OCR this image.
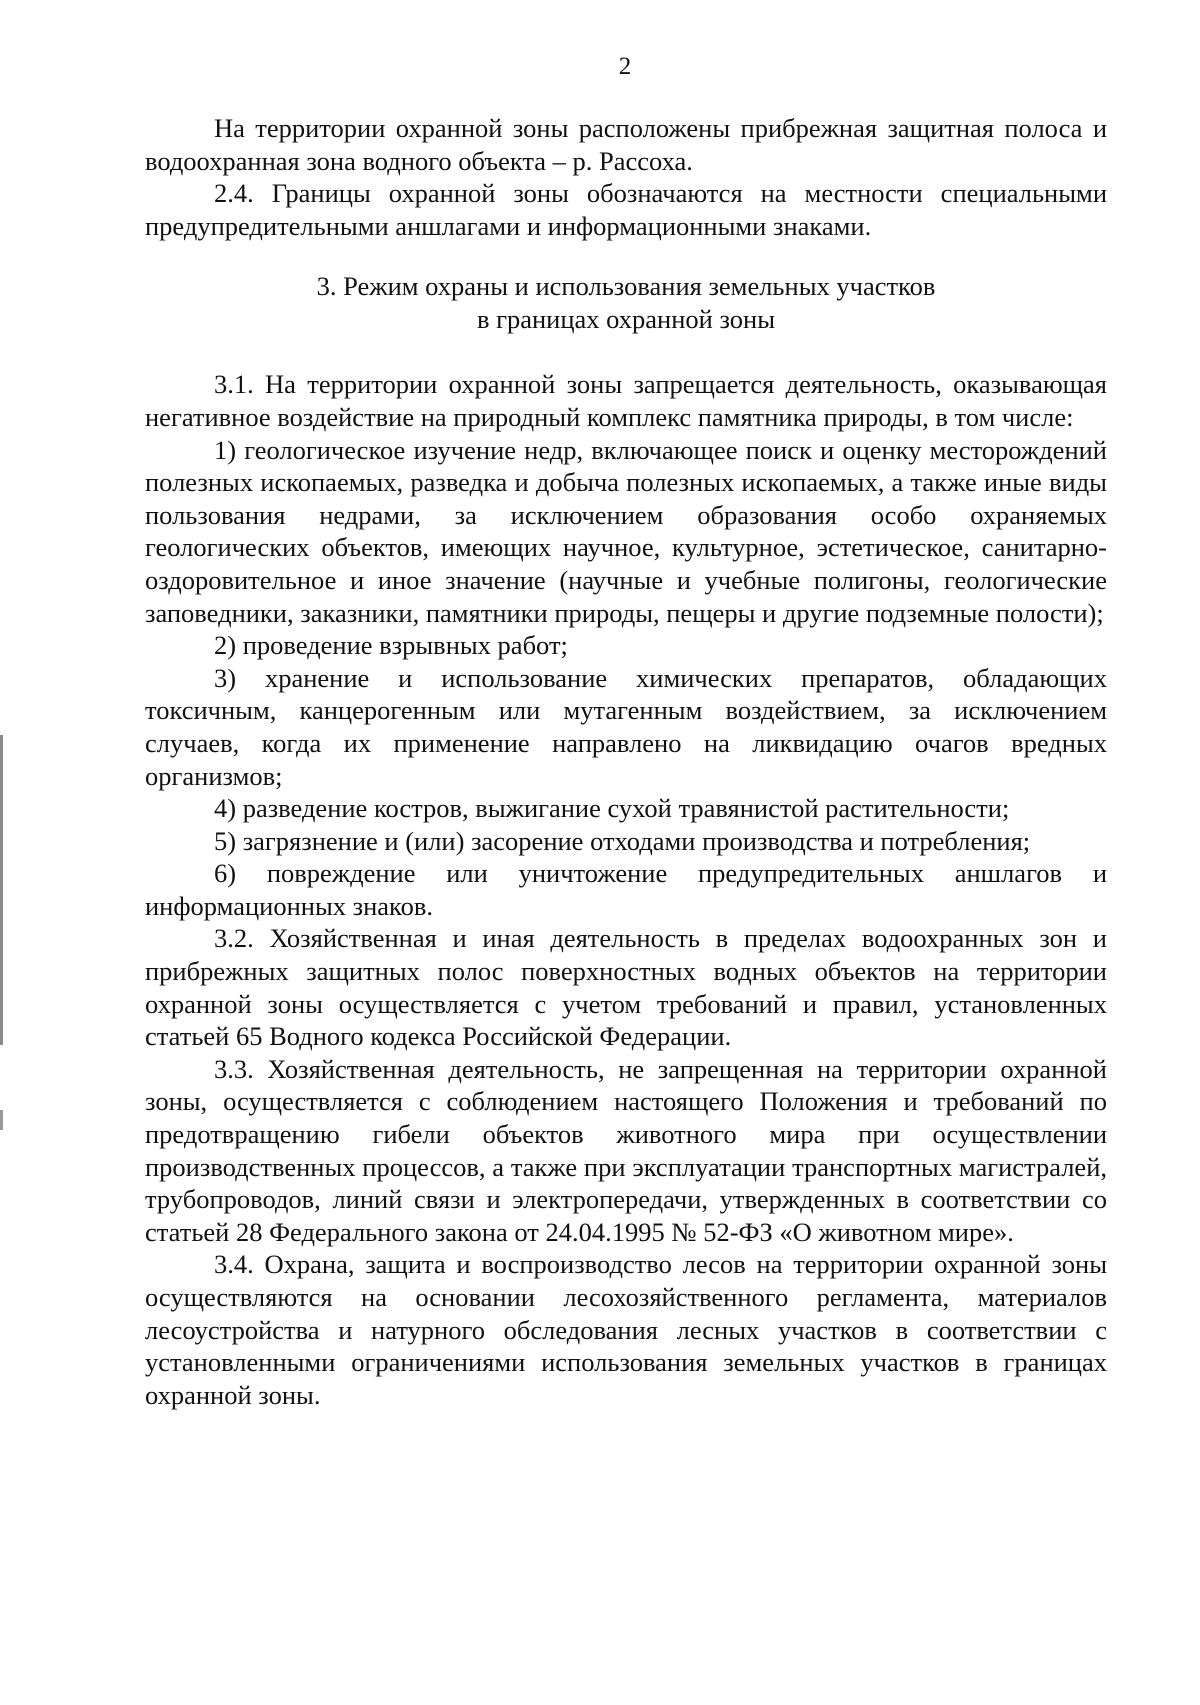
2

На территории охранной зоны расположены прибрежная защитная полоса и водоохранная зона водного объекта – р. Рассоха.

2.4. Границы охранной зоны обозначаются на местности специальными предупредительными аншлагами и информационными знаками.

3. Режим охраны и использования земельных участков
в границах охранной зоны

3.1. На территории охранной зоны запрещается деятельность, оказывающая негативное воздействие на природный комплекс памятника природы, в том числе:

1) геологическое изучение недр, включающее поиск и оценку месторождений полезных ископаемых, разведка и добыча полезных ископаемых, а также иные виды пользования недрами, за исключением образования особо охраняемых геологических объектов, имеющих научное, культурное, эстетическое, санитарно-оздоровительное и иное значение (научные и учебные полигоны, геологические заповедники, заказники, памятники природы, пещеры и другие подземные полости);

2) проведение взрывных работ;

3) хранение и использование химических препаратов, обладающих токсичным, канцерогенным или мутагенным воздействием, за исключением случаев, когда их применение направлено на ликвидацию очагов вредных организмов;

4) разведение костров, выжигание сухой травянистой растительности;

5) загрязнение и (или) засорение отходами производства и потребления;

6) повреждение или уничтожение предупредительных аншлагов и информационных знаков.

3.2. Хозяйственная и иная деятельность в пределах водоохранных зон и прибрежных защитных полос поверхностных водных объектов на территории охранной зоны осуществляется с учетом требований и правил, установленных статьей 65 Водного кодекса Российской Федерации.

3.3. Хозяйственная деятельность, не запрещенная на территории охранной зоны, осуществляется с соблюдением настоящего Положения и требований по предотвращению гибели объектов животного мира при осуществлении производственных процессов, а также при эксплуатации транспортных магистралей, трубопроводов, линий связи и электропередачи, утвержденных в соответствии со статьей 28 Федерального закона от 24.04.1995 № 52-ФЗ «О животном мире».

3.4. Охрана, защита и воспроизводство лесов на территории охранной зоны осуществляются на основании лесохозяйственного регламента, материалов лесоустройства и натурного обследования лесных участков в соответствии с установленными ограничениями использования земельных участков в границах охранной зоны.
